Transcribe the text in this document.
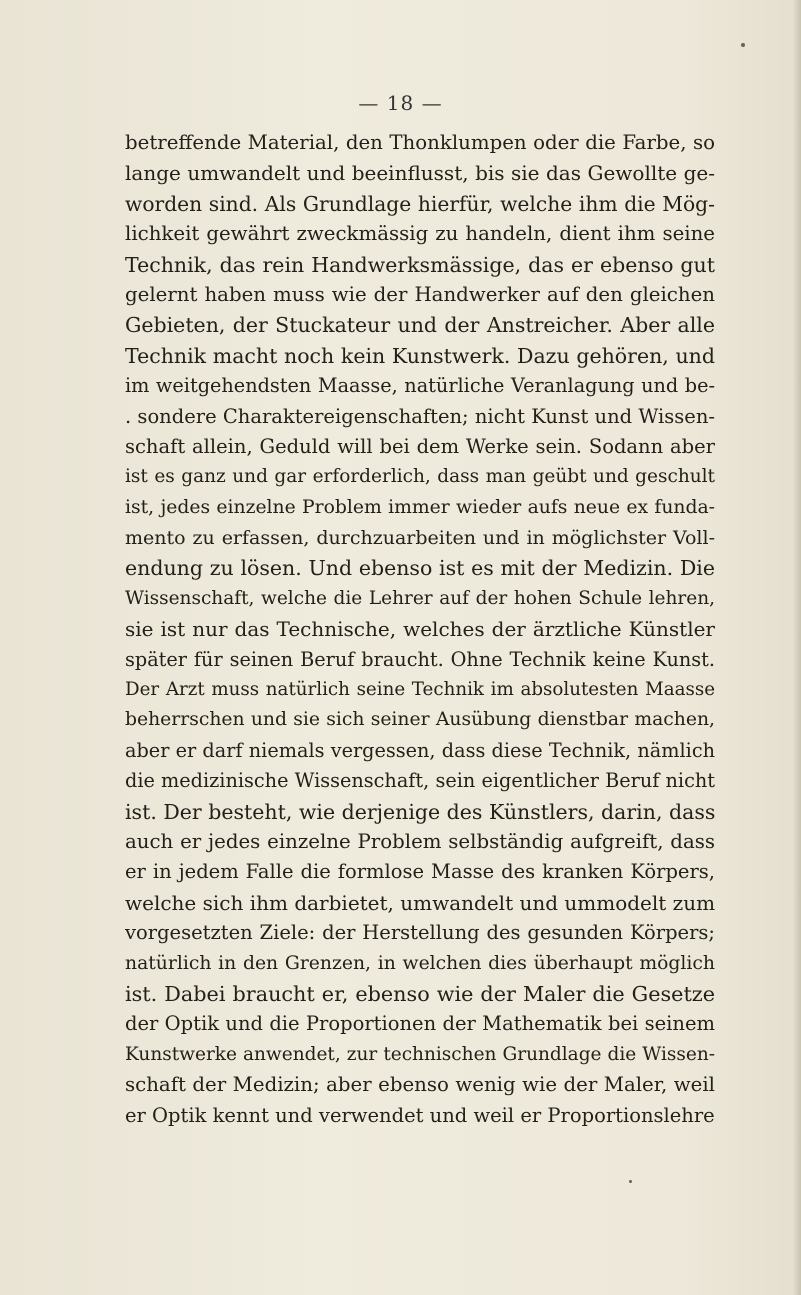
— 18 —
betreffende Material, den Thonklumpen oder die Farbe, so
lange umwandelt und beeinflusst, bis sie das Gewollte ge-
worden sind. Als Grundlage hierfür, welche ihm die Mög-
lichkeit gewährt zweckmässig zu handeln, dient ihm seine
Technik, das rein Handwerksmässige, das er ebenso gut
gelernt haben muss wie der Handwerker auf den gleichen
Gebieten, der Stuckateur und der Anstreicher. Aber alle
Technik macht noch kein Kunstwerk. Dazu gehören, und
im weitgehendsten Maasse, natürliche Veranlagung und be-
. sondere Charaktereigenschaften; nicht Kunst und Wissen-
schaft allein, Geduld will bei dem Werke sein. Sodann aber
ist es ganz und gar erforderlich, dass man geübt und geschult
ist, jedes einzelne Problem immer wieder aufs neue ex funda-
mento zu erfassen, durchzuarbeiten und in möglichster Voll-
endung zu lösen. Und ebenso ist es mit der Medizin. Die
Wissenschaft, welche die Lehrer auf der hohen Schule lehren,
sie ist nur das Technische, welches der ärztliche Künstler
später für seinen Beruf braucht. Ohne Technik keine Kunst.
Der Arzt muss natürlich seine Technik im absolutesten Maasse
beherrschen und sie sich seiner Ausübung dienstbar machen,
aber er darf niemals vergessen, dass diese Technik, nämlich
die medizinische Wissenschaft, sein eigentlicher Beruf nicht
ist. Der besteht, wie derjenige des Künstlers, darin, dass
auch er jedes einzelne Problem selbständig aufgreift, dass
er in jedem Falle die formlose Masse des kranken Körpers,
welche sich ihm darbietet, umwandelt und ummodelt zum
vorgesetzten Ziele: der Herstellung des gesunden Körpers;
natürlich in den Grenzen, in welchen dies überhaupt möglich
ist. Dabei braucht er, ebenso wie der Maler die Gesetze
der Optik und die Proportionen der Mathematik bei seinem
Kunstwerke anwendet, zur technischen Grundlage die Wissen-
schaft der Medizin; aber ebenso wenig wie der Maler, weil
er Optik kennt und verwendet und weil er Proportionslehre
